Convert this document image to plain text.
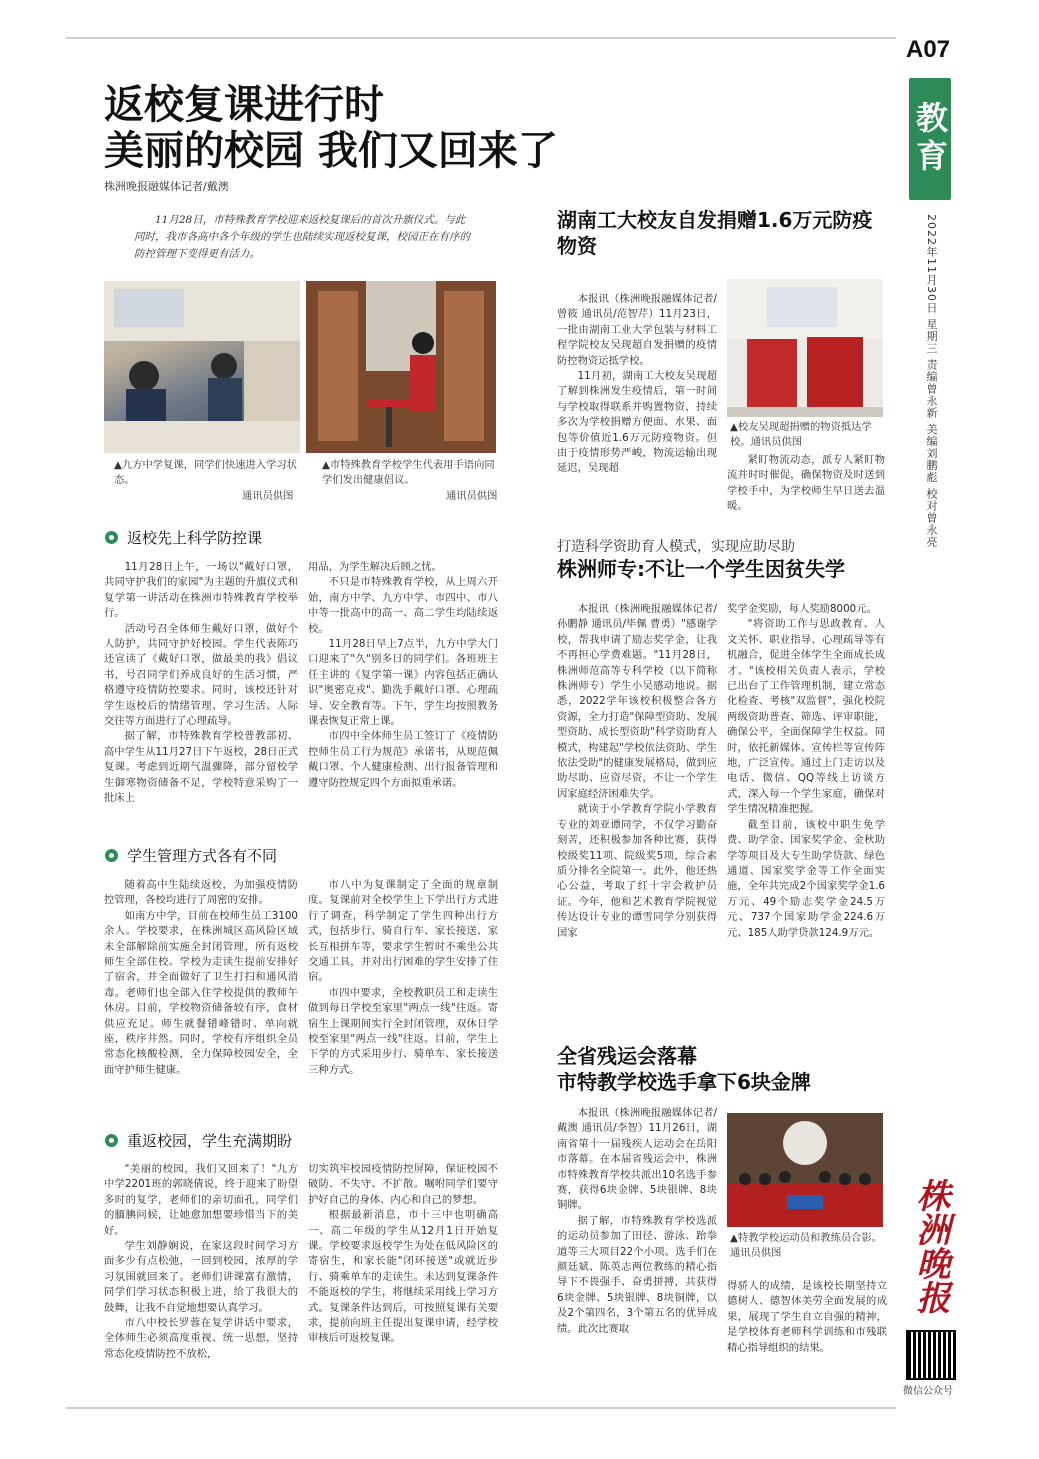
A07
教育
2022年11月30日 星期三 责编曾永新 美编刘鹏彪 校对曾永亮
返校复课进行时
美丽的校园 我们又回来了
株洲晚报融媒体记者/戴澳
11月28日，市特殊教育学校迎来返校复课后的首次升旗仪式。与此同时，我市各高中各个年级的学生也陆续实现返校复课，校园正在有序的防控管理下变得更有活力。
▲九方中学复课，同学们快速进入学习状态。
▲市特殊教育学校学生代表用手语向同学们发出健康倡议。
通讯员供图	通讯员供图
返校先上科学防控课

11月28日上午，一场以"戴好口罩，共同守护我们的家园"为主题的升旗仪式和复学第一讲活动在株洲市特殊教育学校举行。

活动号召全体师生戴好口罩，做好个人防护，共同守护好校园。学生代表陈巧还宣读了《戴好口罩，做最美的我》倡议书，号召同学们养成良好的生活习惯，严格遵守疫情防控要求。同时，该校还针对学生返校后的情绪管理、学习生活、人际交往等方面进行了心理疏导。

据了解，市特殊教育学校普教部初、高中学生从11月27日下午返校，28日正式复课。考虑到近期气温骤降，部分留校学生御寒物资储备不足，学校特意采购了一批床上

用品，为学生解决后顾之忧。

不只是市特殊教育学校，从上周六开始，南方中学、九方中学、市四中、市八中等一批高中的高一、高二学生均陆续返校。

11月28日早上7点半，九方中学大门口迎来了"久"别多日的同学们。各班班主任主讲的《复学第一课》内容包括正确认识"奥密克戎"、勤洗手戴好口罩、心理疏导、安全教育等。下午，学生均按照教务课表恢复正常上课。

市四中全体师生员工签订了《疫情防控师生员工行为规范》承诺书，从规范佩戴口罩、个人健康检测、出行报备管理和遵守防控规定四个方面拟重承诺。

学生管理方式各有不同

随着高中生陆续返校，为加强疫情防控管理，各校均进行了周密的安排。

如南方中学，目前在校师生员工3100余人。学校要求，在株洲城区高风险区域未全部解除前实施全封闭管理，所有返校师生全部住校。学校为走读生提前安排好了宿舍，并全面做好了卫生打扫和通风消毒。老师们也全部入住学校提供的教师午休房。目前，学校物资储备较有序，食材供应充足。师生就餐错峰错时、单向就座，秩序井然。同时，学校有序组织全员常态化核酸检测，全力保障校园安全，全面守护师生健康。

市八中为复课制定了全面的规章制度。复课前对全校学生上下学出行方式进行了调查，科学制定了学生四种出行方式，包括步行、骑自行车、家长接送、家长互相拼车等，要求学生暂时不乘坐公共交通工具，并对出行困难的学生安排了住宿。

市四中要求，全校教职员工和走读生做到每日学校至家里"两点一线"往返。寄宿生上课期间实行全封闭管理，双休日学校至家里"两点一线"往返。目前，学生上下学的方式采用步行、骑单车、家长接送三种方式。

重返校园，学生充满期盼

"美丽的校园，我们又回来了！"九方中学2201班的郭晓倩说，终于迎来了盼望多时的复学，老师们的亲切面孔，同学们的腼腆问候，让她愈加想要珍惜当下的美好。

学生刘静娴说，在家这段时间学习方面多少有点松弛，一回到校园，浓厚的学习氛围就回来了。老师们讲课富有激情，同学们学习状态积极上进，给了我很大的鼓舞，让我不自觉地想要认真学习。

市八中校长罗蓉在复学讲话中要求，全体师生必须高度重视、统一思想，坚持常态化疫情防控不放松，

切实筑牢校园疫情防控屏障，保证校园不破防、不失守、不扩散。嘱咐同学们要守护好自己的身体、内心和自己的梦想。

根据最新消息，市十三中也明确高一、高二年级的学生从12月1日开始复课。学校要求返校学生为处在低风险区的寄宿生，和家长能"闭环接送"或就近步行、骑乘单车的走读生。未达到复课条件不能返校的学生，将继续采用线上学习方式。复课条件达到后，可按照复课有关要求，提前向班主任提出复课申请，经学校审核后可返校复课。

湖南工大校友自发捐赠1.6万元防疫物资

本报讯（株洲晚报融媒体记者/曾筱 通讯员/范智芹）11月23日，一批由湖南工业大学包装与材料工程学院校友吴现超自发捐赠的疫情防控物资运抵学校。

11月初，湖南工大校友吴现超了解到株洲发生疫情后，第一时间与学校取得联系并购置物资，持续多次为学校捐赠方便面、水果、面包等价值近1.6万元防疫物资。但由于疫情形势严峻，物流运输出现延迟，吴现超

▲校友吴现超捐赠的物资抵达学校。通讯员供图

紧盯物流动态，派专人紧盯物流并时时催促，确保物资及时送到学校手中，为学校师生早日送去温暖。

打造科学资助育人模式，实现应助尽助
株洲师专:不让一个学生因贫失学

本报讯（株洲晚报融媒体记者/孙鹏静 通讯员/毕佩 曹勇）"感谢学校，帮我申请了励志奖学金，让我不再担心学费难题。"11月28日，株洲师范高等专科学校（以下简称株洲师专）学生小吴感动地说。据悉，2022学年该校积极整合各方资源，全力打造"保障型资助、发展型资助、成长型资助"科学资助育人模式，构建起"学校依法资助、学生依法受助"的健康发展格局，做到应助尽助、应资尽资，不让一个学生因家庭经济困难失学。

就读于小学教育学院小学教育专业的刘亚谭同学，不仅学习勤奋刻苦，还积极参加各种比赛，获得校级奖11项、院级奖5项，综合素质分排名全院第一。此外，他还热心公益，考取了红十字会救护员证。今年，他和艺术教育学院视觉传达设计专业的谭雪同学分别获得国家

奖学金奖励，每人奖励8000元。

"将资助工作与思政教育、人文关怀、职业指导、心理疏导等有机融合，促进全体学生全面成长成才。"该校相关负责人表示，学校已出台了工作管理机制，建立常态化检查、考核"双监督"，强化校院两级资助普查、筛选、评审职能，确保公平，全面保障学生权益。同时，依托新媒体、宣传栏等宣传阵地，广泛宣传。通过上门走访以及电话、微信、QQ等线上访谈方式，深入每一个学生家庭，确保对学生情况精准把握。

截至目前，该校中职生免学费、助学金、国家奖学金、金秋助学等项目及大专生助学贷款、绿色通道、国家奖学金等工作全面实施，全年共完成2个国家奖学金1.6万元、49个励志奖学金24.5万元、737个国家助学金224.6万元、185人助学贷款124.9万元。

全省残运会落幕
市特教学校选手拿下6块金牌

本报讯（株洲晚报融媒体记者/戴澳 通讯员/李智）11月26日，湖南省第十一届残疾人运动会在岳阳市落幕。在本届省残运会中，株洲市特殊教育学校共派出10名选手参赛，获得6块金牌、5块银牌、8块铜牌。

据了解，市特殊教育学校选派的运动员参加了田径、游泳、跆拳道等三大项目22个小项。选手们在颜廷斌、陈英志两位教练的精心指导下不畏强手、奋勇拼搏，共获得6块金牌、5块银牌、8块铜牌，以及2个第四名，3个第五名的优异成绩。此次比赛取

▲特教学校运动员和教练员合影。通讯员供图

得骄人的成绩，是该校长期坚持立德树人、德智体美劳全面发展的成果，展现了学生自立自强的精神，是学校体育老师科学训练和市残联精心指导组织的结果。

株洲晚报
微信公众号
